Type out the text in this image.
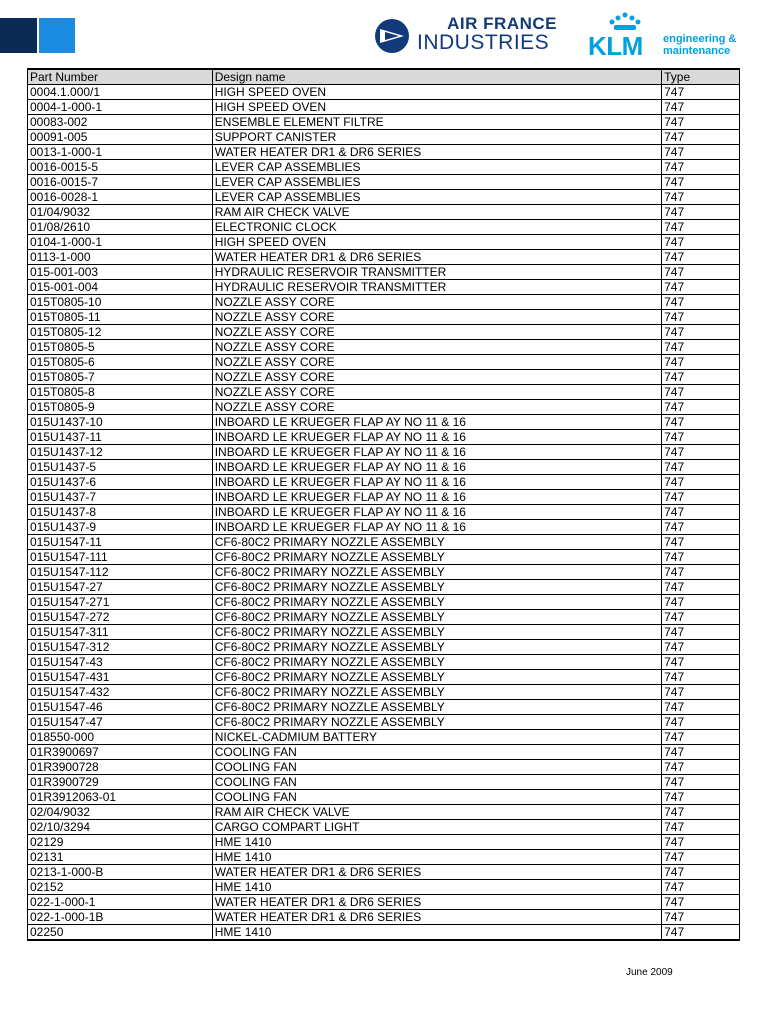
AIR FRANCE
INDUSTRIES KLM engineering &
maintenance
Part Number	Design name	Type
0004.1.000/1	HIGH SPEED OVEN	747
0004-1-000-1	HIGH SPEED OVEN	747
00083-002	ENSEMBLE ELEMENT FILTRE	747
00091-005	SUPPORT CANISTER	747
0013-1-000-1	WATER HEATER DR1 & DR6 SERIES	747
0016-0015-5	LEVER CAP ASSEMBLIES	747
0016-0015-7	LEVER CAP ASSEMBLIES	747
0016-0028-1	LEVER CAP ASSEMBLIES	747
01/04/9032	RAM AIR CHECK VALVE	747
01/08/2610	ELECTRONIC CLOCK	747
0104-1-000-1	HIGH SPEED OVEN	747
0113-1-000	WATER HEATER DR1 & DR6 SERIES	747
015-001-003	HYDRAULIC RESERVOIR TRANSMITTER	747
015-001-004	HYDRAULIC RESERVOIR TRANSMITTER	747
015T0805-10	NOZZLE ASSY CORE	747
015T0805-11	NOZZLE ASSY CORE	747
015T0805-12	NOZZLE ASSY CORE	747
015T0805-5	NOZZLE ASSY CORE	747
015T0805-6	NOZZLE ASSY CORE	747
015T0805-7	NOZZLE ASSY CORE	747
015T0805-8	NOZZLE ASSY CORE	747
015T0805-9	NOZZLE ASSY CORE	747
015U1437-10	INBOARD LE KRUEGER FLAP AY NO 11 & 16	747
015U1437-11	INBOARD LE KRUEGER FLAP AY NO 11 & 16	747
015U1437-12	INBOARD LE KRUEGER FLAP AY NO 11 & 16	747
015U1437-5	INBOARD LE KRUEGER FLAP AY NO 11 & 16	747
015U1437-6	INBOARD LE KRUEGER FLAP AY NO 11 & 16	747
015U1437-7	INBOARD LE KRUEGER FLAP AY NO 11 & 16	747
015U1437-8	INBOARD LE KRUEGER FLAP AY NO 11 & 16	747
015U1437-9	INBOARD LE KRUEGER FLAP AY NO 11 & 16	747
015U1547-11	CF6-80C2 PRIMARY NOZZLE ASSEMBLY	747
015U1547-111	CF6-80C2 PRIMARY NOZZLE ASSEMBLY	747
015U1547-112	CF6-80C2 PRIMARY NOZZLE ASSEMBLY	747
015U1547-27	CF6-80C2 PRIMARY NOZZLE ASSEMBLY	747
015U1547-271	CF6-80C2 PRIMARY NOZZLE ASSEMBLY	747
015U1547-272	CF6-80C2 PRIMARY NOZZLE ASSEMBLY	747
015U1547-311	CF6-80C2 PRIMARY NOZZLE ASSEMBLY	747
015U1547-312	CF6-80C2 PRIMARY NOZZLE ASSEMBLY	747
015U1547-43	CF6-80C2 PRIMARY NOZZLE ASSEMBLY	747
015U1547-431	CF6-80C2 PRIMARY NOZZLE ASSEMBLY	747
015U1547-432	CF6-80C2 PRIMARY NOZZLE ASSEMBLY	747
015U1547-46	CF6-80C2 PRIMARY NOZZLE ASSEMBLY	747
015U1547-47	CF6-80C2 PRIMARY NOZZLE ASSEMBLY	747
018550-000	NICKEL-CADMIUM BATTERY	747
01R3900697	COOLING FAN	747
01R3900728	COOLING FAN	747
01R3900729	COOLING FAN	747
01R3912063-01	COOLING FAN	747
02/04/9032	RAM AIR CHECK VALVE	747
02/10/3294	CARGO COMPART LIGHT	747
02129	HME 1410	747
02131	HME 1410	747
0213-1-000-B	WATER HEATER DR1 & DR6 SERIES	747
02152	HME 1410	747
022-1-000-1	WATER HEATER DR1 & DR6 SERIES	747
022-1-000-1B	WATER HEATER DR1 & DR6 SERIES	747
02250	HME 1410	747
June 2009
